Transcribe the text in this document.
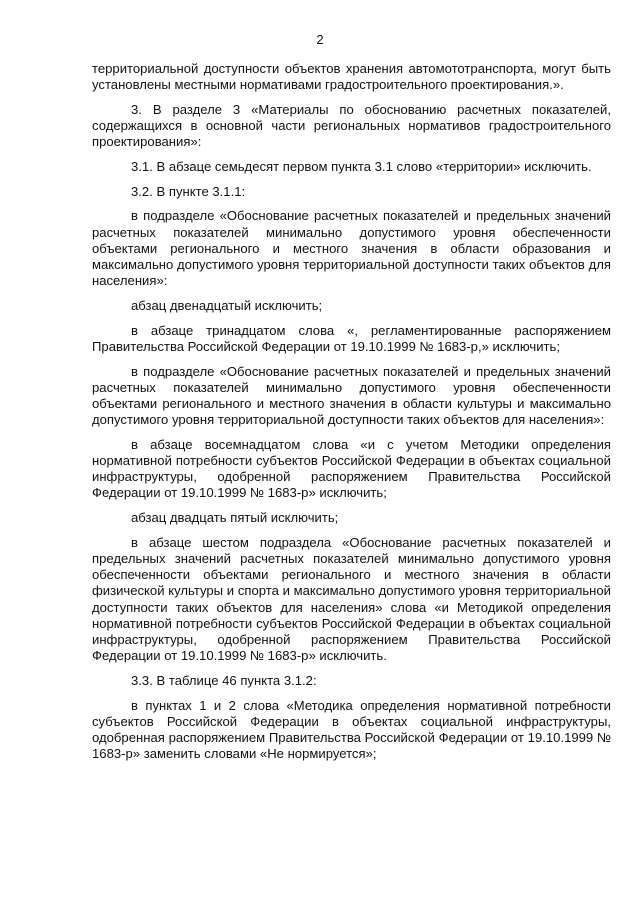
2

территориальной доступности объектов хранения автомототранспорта, могут быть установлены местными нормативами градостроительного проектирования.».

3. В разделе 3 «Материалы по обоснованию расчетных показателей, содержащихся в основной части региональных нормативов градостроительного проектирования»:

3.1. В абзаце семьдесят первом пункта 3.1 слово «территории» исключить.

3.2. В пункте 3.1.1:

в подразделе «Обоснование расчетных показателей и предельных значений расчетных показателей минимально допустимого уровня обеспеченности объектами регионального и местного значения в области образования и максимально допустимого уровня территориальной доступности таких объектов для населения»:

абзац двенадцатый исключить;

в абзаце тринадцатом слова «, регламентированные распоряжением Правительства Российской Федерации от 19.10.1999 № 1683-р,» исключить;

в подразделе «Обоснование расчетных показателей и предельных значений расчетных показателей минимально допустимого уровня обеспеченности объектами регионального и местного значения в области культуры и максимально допустимого уровня территориальной доступности таких объектов для населения»:

в абзаце восемнадцатом слова «и с учетом Методики определения нормативной потребности субъектов Российской Федерации в объектах социальной инфраструктуры, одобренной распоряжением Правительства Российской Федерации от 19.10.1999 № 1683-р» исключить;

абзац двадцать пятый исключить;

в абзаце шестом подраздела «Обоснование расчетных показателей и предельных значений расчетных показателей минимально допустимого уровня обеспеченности объектами регионального и местного значения в области физической культуры и спорта и максимально допустимого уровня территориальной доступности таких объектов для населения» слова «и Методикой определения нормативной потребности субъектов Российской Федерации в объектах социальной инфраструктуры, одобренной распоряжением Правительства Российской Федерации от 19.10.1999 № 1683-р» исключить.

3.3. В таблице 46 пункта 3.1.2:

в пунктах 1 и 2 слова «Методика определения нормативной потребности субъектов Российской Федерации в объектах социальной инфраструктуры, одобренная распоряжением Правительства Российской Федерации от 19.10.1999 № 1683-р» заменить словами «Не нормируется»;
